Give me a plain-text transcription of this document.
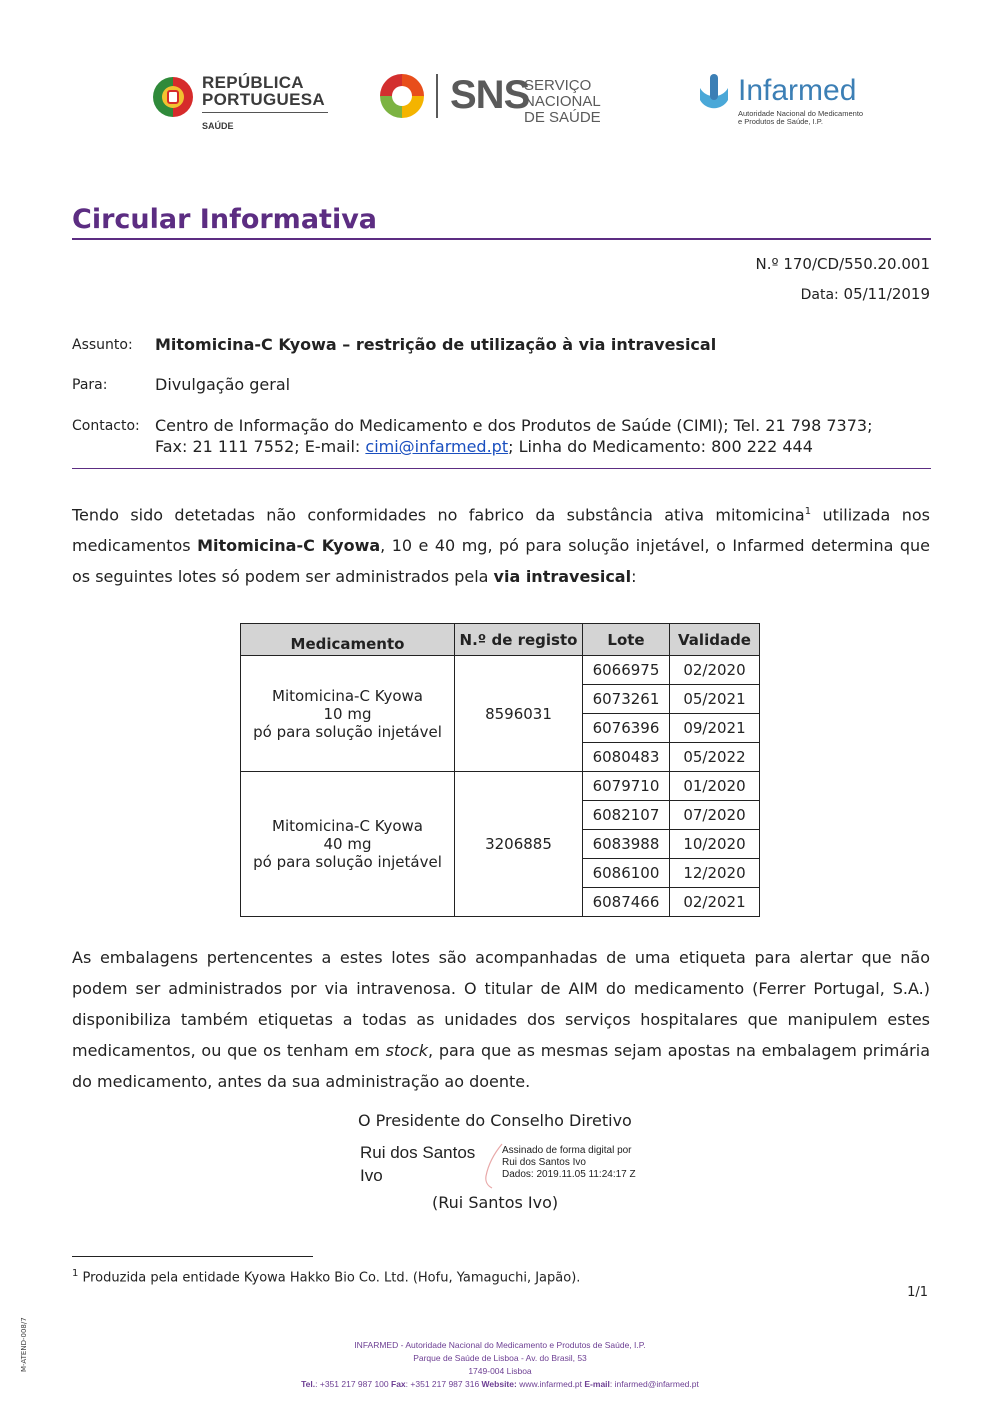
REPÚBLICA
PORTUGUESA
SAÚDE
SNS
SERVIÇO NACIONAL
DE SAÚDE
Infarmed
Autoridade Nacional do Medicamento
e Produtos de Saúde, I.P.
Circular Informativa
N.º 170/CD/550.20.001
Data: 05/11/2019
Assunto: Mitomicina-C Kyowa – restrição de utilização à via intravesical
Para:	Divulgação geral
Contacto: Centro de Informação do Medicamento e dos Produtos de Saúde (CIMI); Tel. 21 798 7373;
Fax: 21 111 7552; E-mail: cimi@infarmed.pt; Linha do Medicamento: 800 222 444
Tendo sido detetadas não conformidades no fabrico da substância ativa mitomicina$^1$ utilizada nos medicamentos Mitomicina-C Kyowa, 10 e 40 mg, pó para solução injetável, o Infarmed determina que os seguintes lotes só podem ser administrados pela via intravesical:
Medicamento	N.º de registo	Lote	Validade
Mitomicina-C Kyowa
10 mg
pó para solução injetável	8596031	6066975	02/2020
		6073261	05/2021
		6076396	09/2021
		6080483	05/2022
Mitomicina-C Kyowa
40 mg
pó para solução injetável	3206885	6079710	01/2020
		6082107	07/2020
		6083988	10/2020
		6086100	12/2020
		6087466	02/2021
As embalagens pertencentes a estes lotes são acompanhadas de uma etiqueta para alertar que não podem ser administrados por via intravenosa. O titular de AIM do medicamento (Ferrer Portugal, S.A.) disponibiliza também etiquetas a todas as unidades dos serviços hospitalares que manipulem estes medicamentos, ou que os tenham em stock, para que as mesmas sejam apostas na embalagem primária do medicamento, antes da sua administração ao doente.
O Presidente do Conselho Diretivo
Rui dos Santos
Ivo
Assinado de forma digital por
Rui dos Santos Ivo
Dados: 2019.11.05 11:24:17 Z
(Rui Santos Ivo)
$^1$ Produzida pela entidade Kyowa Hakko Bio Co. Ltd. (Hofu, Yamaguchi, Japão).
1/1
M-ATEND-008/7	INFARMED - Autoridade Nacional do Medicamento e Produtos de Saúde, I.P.
Parque de Saúde de Lisboa - Av. do Brasil, 53
1749-004 Lisboa
Tel.: +351 217 987 100 Fax: +351 217 987 316 Website: www.infarmed.pt E-mail: infarmed@infarmed.pt
